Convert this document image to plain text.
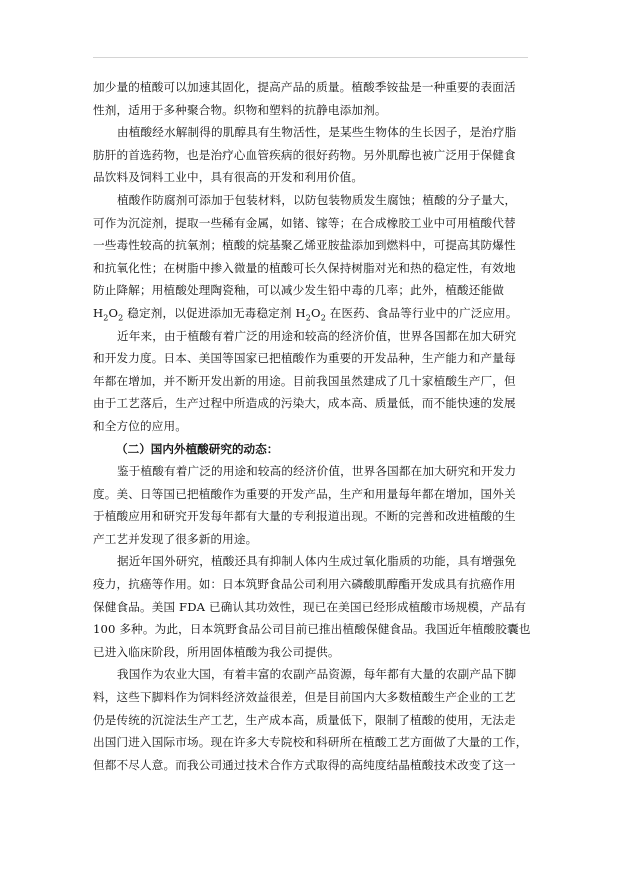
加少量的植酸可以加速其固化，提高产品的质量。植酸季铵盐是一种重要的表面活
性剂，适用于多种聚合物。织物和塑料的抗静电添加剂。

由植酸经水解制得的肌醇具有生物活性，是某些生物体的生长因子，是治疗脂
肪肝的首选药物，也是治疗心血管疾病的很好药物。另外肌醇也被广泛用于保健食
品饮料及饲料工业中，具有很高的开发和利用价值。

植酸作防腐剂可添加于包装材料，以防包装物质发生腐蚀；植酸的分子量大，
可作为沉淀剂，提取一些稀有金属，如锗、镓等；在合成橡胶工业中可用植酸代替
一些毒性较高的抗氧剂；植酸的烷基聚乙烯亚胺盐添加到燃料中，可提高其防爆性
和抗氧化性；在树脂中掺入微量的植酸可长久保持树脂对光和热的稳定性，有效地
防止降解；用植酸处理陶瓷釉，可以减少发生铅中毒的几率；此外，植酸还能做
$H_2O_2$ 稳定剂，以促进添加无毒稳定剂 $H_2O_2$ 在医药、食品等行业中的广泛应用。

近年来，由于植酸有着广泛的用途和较高的经济价值，世界各国都在加大研究
和开发力度。日本、美国等国家已把植酸作为重要的开发品种，生产能力和产量每
年都在增加，并不断开发出新的用途。目前我国虽然建成了几十家植酸生产厂，但
由于工艺落后，生产过程中所造成的污染大，成本高、质量低，而不能快速的发展
和全方位的应用。

（二）国内外植酸研究的动态：

鉴于植酸有着广泛的用途和较高的经济价值，世界各国都在加大研究和开发力
度。美、日等国已把植酸作为重要的开发产品，生产和用量每年都在增加，国外关
于植酸应用和研究开发每年都有大量的专利报道出现。不断的完善和改进植酸的生
产工艺并发现了很多新的用途。

据近年国外研究，植酸还具有抑制人体内生成过氧化脂质的功能，具有增强免
疫力，抗癌等作用。如：日本筑野食品公司利用六磷酸肌醇酯开发成具有抗癌作用
保健食品。美国 FDA 已确认其功效性，现已在美国已经形成植酸市场规模，产品有
100 多种。为此，日本筑野食品公司目前已推出植酸保健食品。我国近年植酸胶囊也
已进入临床阶段，所用固体植酸为我公司提供。

我国作为农业大国，有着丰富的农副产品资源，每年都有大量的农副产品下脚
料，这些下脚料作为饲料经济效益很差，但是目前国内大多数植酸生产企业的工艺
仍是传统的沉淀法生产工艺，生产成本高，质量低下，限制了植酸的使用，无法走
出国门进入国际市场。现在许多大专院校和科研所在植酸工艺方面做了大量的工作，
但都不尽人意。而我公司通过技术合作方式取得的高纯度结晶植酸技术改变了这一
